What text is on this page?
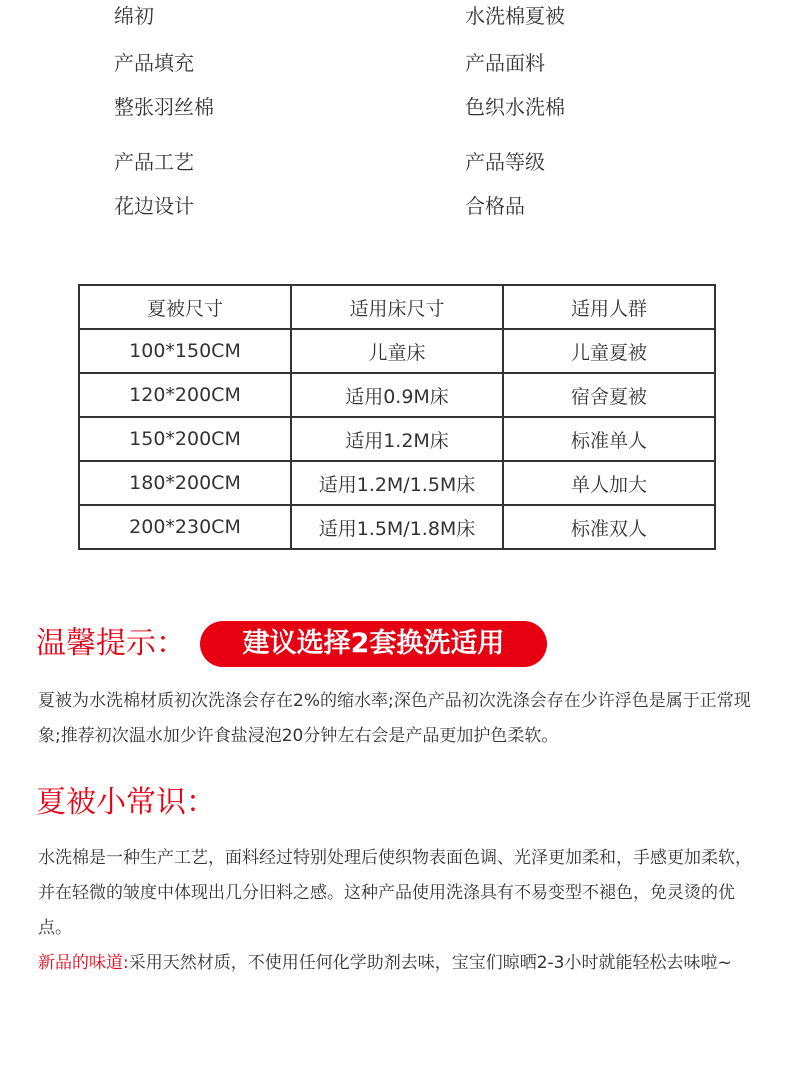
绵初	水洗棉夏被
产品填充	产品面料
整张羽丝棉	色织水洗棉
产品工艺	产品等级
花边设计	合格品
夏被尺寸	适用床尺寸	适用人群
100*150CM	儿童床	儿童夏被
120*200CM	适用0.9M床	宿舍夏被
150*200CM	适用1.2M床	标准单人
180*200CM	适用1.2M/1.5M床	单人加大
200*230CM	适用1.5M/1.8M床	标准双人
温馨提示：	建议选择2套换洗适用

夏被为水洗棉材质初次洗涤会存在2%的缩水率;深色产品初次洗涤会存在少许浮色是属于正常现象;推荐初次温水加少许食盐浸泡20分钟左右会是产品更加护色柔软。

夏被小常识：

水洗棉是一种生产工艺，面料经过特别处理后使织物表面色调、光泽更加柔和，手感更加柔软，并在轻微的皱度中体现出几分旧料之感。这种产品使用洗涤具有不易变型不褪色，免灵烫的优点。

新品的味道:采用天然材质，不使用任何化学助剂去味，宝宝们晾晒2-3小时就能轻松去味啦~
